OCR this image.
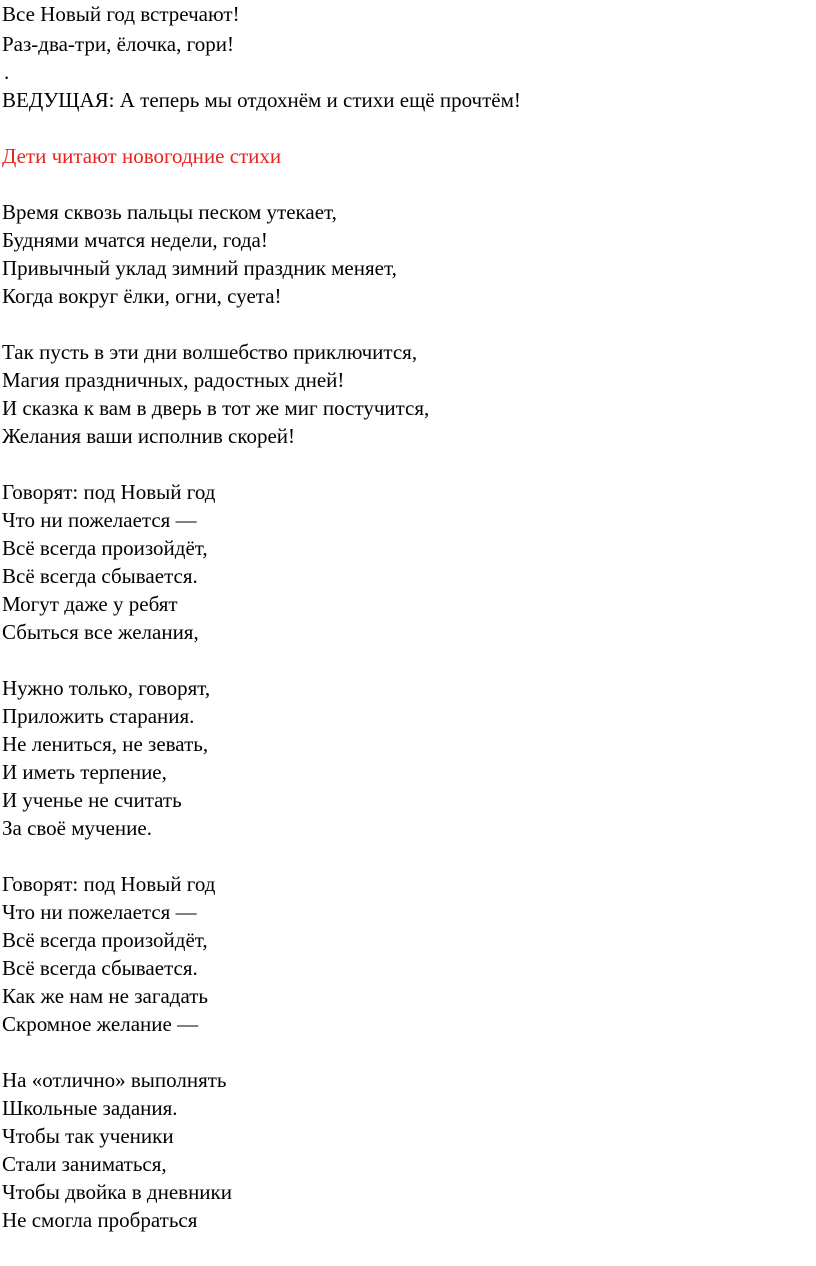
Все Новый год встречают!
Раз-два-три, ёлочка, гори!
.
ВЕДУЩАЯ: А теперь мы отдохнём и стихи ещё прочтём!
Дети читают новогодние стихи
Время сквозь пальцы песком утекает,
Буднями мчатся недели, года!
Привычный уклад зимний праздник меняет,
Когда вокруг ёлки, огни, суета!
Так пусть в эти дни волшебство приключится,
Магия праздничных, радостных дней!
И сказка к вам в дверь в тот же миг постучится,
Желания ваши исполнив скорей!
Говорят: под Новый год
Что ни пожелается —
Всё всегда произойдёт,
Всё всегда сбывается.
Могут даже у ребят
Сбыться все желания,
Нужно только, говорят,
Приложить старания.
Не лениться, не зевать,
И иметь терпение,
И ученье не считать
За своё мучение.
Говорят: под Новый год
Что ни пожелается —
Всё всегда произойдёт,
Всё всегда сбывается.
Как же нам не загадать
Скромное желание —
На «отлично» выполнять
Школьные задания.
Чтобы так ученики
Стали заниматься,
Чтобы двойка в дневники
Не смогла пробраться
